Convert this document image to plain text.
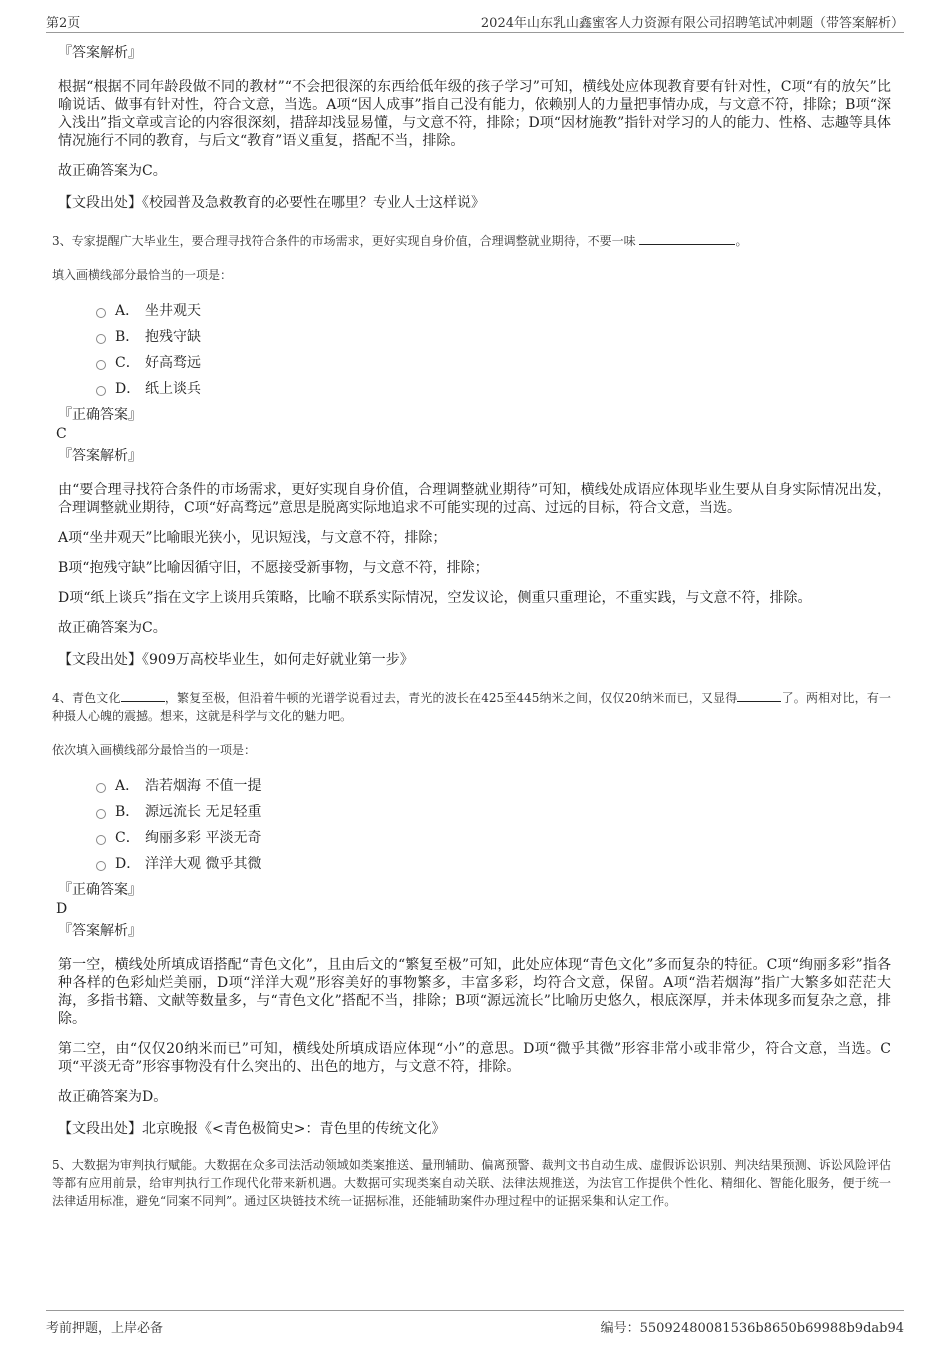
第2页	2024年山东乳山鑫蜜客人力资源有限公司招聘笔试冲刺题（带答案解析）
『答案解析』
根据“根据不同年龄段做不同的教材”“不会把很深的东西给低年级的孩子学习”可知，横线处应体现教育要有针对性，C项“有的放矢”比喻说话、做事有针对性，符合文意，当选。A项“因人成事”指自己没有能力，依赖别人的力量把事情办成，与文意不符，排除；B项“深入浅出”指文章或言论的内容很深刻，措辞却浅显易懂，与文意不符，排除；D项“因材施教”指针对学习的人的能力、性格、志趣等具体情况施行不同的教育，与后文“教育”语义重复，搭配不当，排除。
故正确答案为C。
【文段出处】《校园普及急救教育的必要性在哪里？专业人士这样说》
3、专家提醒广大毕业生，要合理寻找符合条件的市场需求，更好实现自身价值，合理调整就业期待，不要一味	。
填入画横线部分最恰当的一项是：
A． 坐井观天
B． 抱残守缺
C． 好高骛远
D． 纸上谈兵
『正确答案』
C
『答案解析』
由“要合理寻找符合条件的市场需求，更好实现自身价值，合理调整就业期待”可知，横线处成语应体现毕业生要从自身实际情况出发，合理调整就业期待，C项“好高骛远”意思是脱离实际地追求不可能实现的过高、过远的目标，符合文意，当选。
A项“坐井观天”比喻眼光狭小，见识短浅，与文意不符，排除；
B项“抱残守缺”比喻因循守旧，不愿接受新事物，与文意不符，排除；
D项“纸上谈兵”指在文字上谈用兵策略，比喻不联系实际情况，空发议论，侧重只重理论，不重实践，与文意不符，排除。
故正确答案为C。
【文段出处】《909万高校毕业生，如何走好就业第一步》
4、青色文化	，繁复至极，但沿着牛顿的光谱学说看过去，青光的波长在425至445纳米之间，仅仅20纳米而已，又显得	了。两相对比，有一种摄人心魄的震撼。想来，这就是科学与文化的魅力吧。
依次填入画横线部分最恰当的一项是：
A． 浩若烟海 不值一提
B． 源远流长 无足轻重
C． 绚丽多彩 平淡无奇
D． 洋洋大观 微乎其微
『正确答案』
D
『答案解析』
第一空，横线处所填成语搭配“青色文化”，且由后文的“繁复至极”可知，此处应体现“青色文化”多而复杂的特征。C项“绚丽多彩”指各种各样的色彩灿烂美丽，D项“洋洋大观”形容美好的事物繁多，丰富多彩，均符合文意，保留。A项“浩若烟海”指广大繁多如茫茫大海，多指书籍、文献等数量多，与“青色文化”搭配不当，排除；B项“源远流长”比喻历史悠久，根底深厚，并未体现多而复杂之意，排除。
第二空，由“仅仅20纳米而已”可知，横线处所填成语应体现“小”的意思。D项“微乎其微”形容非常小或非常少，符合文意，当选。C项“平淡无奇”形容事物没有什么突出的、出色的地方，与文意不符，排除。
故正确答案为D。
【文段出处】北京晚报《<青色极简史>：青色里的传统文化》
5、大数据为审判执行赋能。大数据在众多司法活动领域如类案推送、量刑辅助、偏离预警、裁判文书自动生成、虚假诉讼识别、判决结果预测、诉讼风险评估等都有应用前景，给审判执行工作现代化带来新机遇。大数据可实现类案自动关联、法律法规推送，为法官工作提供个性化、精细化、智能化服务，便于统一法律适用标准，避免“同案不同判”。通过区块链技术统一证据标准，还能辅助案件办理过程中的证据采集和认定工作。
考前押题，上岸必备	编号：55092480081536b8650b69988b9dab94
